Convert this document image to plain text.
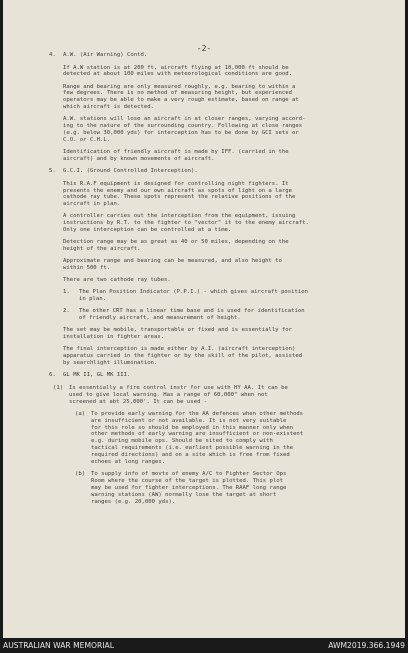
-2-
4. A.W. (Air Warning) Contd.
If A.W station is at 200 ft, aircraft flying at 10,000 ft should be
detected at about 100 miles with meteorological conditions are good.
Range and bearing are only measured roughly, e.g. bearing to within a
few degrees. There is no method of measuring height, but experienced
operators may be able to make a very rough estimate, based on range at
which aircraft is detected.
A.W. stations will lose an aircraft in at closer ranges, varying accord-
ing to the nature of the surrounding country. Following at close ranges
(e.g. below 30,000 yds) for interception has to be done by GCI sets or
C.O. or C.H.L.
Identification of friendly aircraft is made by IFF. (carried in the
aircraft) and by known movements of aircraft.
5. G.C.I. (Ground Controlled Interception).
This R.A.F equipment is designed for controlling night fighters. It
presents the enemy and our own aircraft as spots of light on a large
cathode ray tube. These spots represent the relative positions of the
aircraft in plan.
A controller carries out the interception from the equipment, issuing
instructions by R.T. to the fighter to "vector" it to the enemy aircraft.
Only one interception can be controlled at a time.
Detection range may be as great as 40 or 50 miles, depending on the
height of the aircraft.
Approximate range and bearing can be measured, and also height to
within 500 ft.
There are two cathode ray tubes.
1. The Plan Position Indicator (P.P.I.) - which gives aircraft position
in plan.
2. The other CRT has a linear time base and is used for identification
of friendly aircraft, and measurement of height.
The set may be mobile, transportable or fixed and is essentially for
installation in fighter areas.
The final interception is made either by A.I. (aircraft interception)
apparatus carried in the fighter or by the skill of the pilot, assisted
by searchlight illumination.
6. GL MK II, GL MK III.
(1) Is essentially a fire control instr for use with HY AA. It can be
used to give local warning. Has a range of 60,000" when not
screened at abt 25,000'. It can be used -
(a) To provide early warning for the AA defences when other methods
are insufficient or not available. It is not very suitable
for this role so should be employed in this manner only when
other methods of early warning are insufficient or non-existent
e.g. during mobile ops. Should be sited to comply with
tactical requirements (i.e. earliest possible warning in the
required directions) and on a site which is free from fixed
echoes at long ranges.
(b) To supply info of movts of enemy A/C to Fighter Sector Ops
Room where the course of the target is plotted. This plot
may be used for fighter interceptions. The RAAF long range
warning stations (AW) normally lose the target at short
ranges (e.g. 20,000 yds).
AUSTRALIAN WAR MEMORIAL	AWM2019.366.1949
